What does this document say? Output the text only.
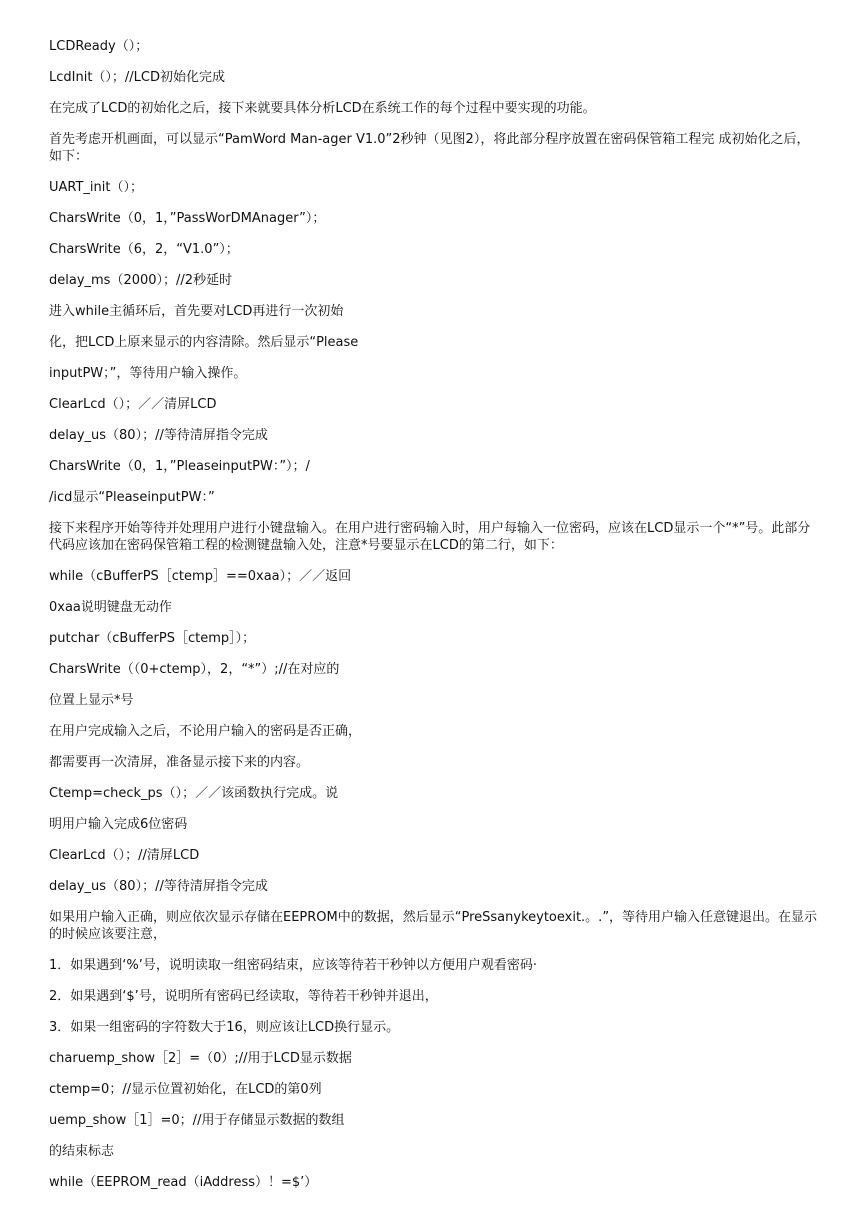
LCDReady（）；

LcdInit（）；//LCD初始化完成

在完成了LCD的初始化之后，接下来就要具体分析LCD在系统工作的每个过程中要实现的功能。

首先考虑开机画面，可以显示“PamWord Man-ager V1.0”2秒钟（见图2），将此部分程序放置在密码保管箱工程完 成初始化之后，如下：

UART_init（）；

CharsWrite（0，1，”PassWorDMAnager”）；

CharsWrite（6，2，“V1.0”）；

delay_ms（2000）；//2秒延时

进入while主循环后，首先要对LCD再进行一次初始

化，把LCD上原来显示的内容清除。然后显示“Please

inputPW；”，等待用户输入操作。

ClearLcd（）；／／清屏LCD

delay_us（80）；//等待清屏指令完成

CharsWrite（0，1，”PleaseinputPW：”）；/

/icd显示“PleaseinputPW：”

接下来程序开始等待并处理用户进行小键盘输入。在用户进行密码输入时，用户每输入一位密码，应该在LCD显示一个“*”号。此部分代码应该加在密码保管箱工程的检测键盘输入处，注意*号要显示在LCD的第二行，如下：

while（cBufferPS［ctemp］==0xaa）；／／返回

0xaa说明键盘无动作

putchar（cBufferPS［ctemp］）；

CharsWrite（（0+ctemp），2，“*”）;//在对应的

位置上显示*号

在用户完成输入之后，不论用户输入的密码是否正确，

都需要再一次清屏，准备显示接下来的内容。

Ctemp=check_ps（）；／／该函数执行完成。说

明用户输入完成6位密码

ClearLcd（）；//清屏LCD

delay_us（80）；//等待清屏指令完成

如果用户输入正确，则应依次显示存储在EEPROM中的数据，然后显示“PreSsanykeytoexit.。.”，等待用户输入任意键退出。在显示的时候应该要注意，

1．如果遇到‘%’号，说明读取一组密码结束，应该等待若干秒钟以方便用户观看密码·

2．如果遇到‘$’号，说明所有密码已经读取，等待若干秒钟并退出，

3．如果一组密码的字符数大于16，则应该让LCD换行显示。

charuemp_show［2］=（0）;//用于LCD显示数据

ctemp=0；//显示位置初始化，在LCD的第0列

uemp_show［1］=0；//用于存储显示数据的数组

的结束标志

while（EEPROM_read（iAddress）！=$’）
